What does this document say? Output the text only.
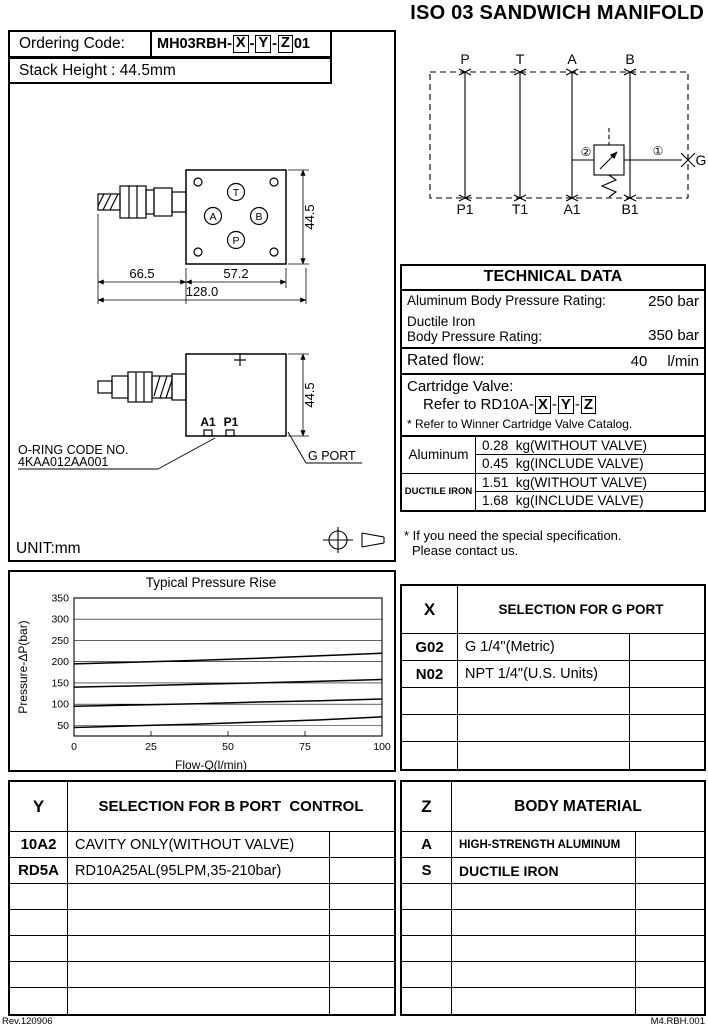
ISO 03 SANDWICH MANIFOLD
T
A	B
P
66.5	57.2
128.0
44.5
A1 P1
O-RING CODE NO.
4KAA012AA001	G PORT
44.5
UNIT:mm
Ordering Code:	MH03RBH- X - Y - Z 01
Stack Height : 44.5mm
P	T	A	B
P1	T1	A1	B1
②	①
G
TECHNICAL DATA
Aluminum Body Pressure Rating:	250 bar
Ductile Iron
Body Pressure Rating:	350 bar
Rated flow:	40 l/min
Cartridge Valve:
Refer to RD10A- X - Y - Z
* Refer to Winner Cartridge Valve Catalog.
Aluminum
0.28  kg(WITHOUT VALVE)
0.45  kg(INCLUDE VALVE)
DUCTILE IRON
1.51  kg(WITHOUT VALVE)
1.68  kg(INCLUDE VALVE)
* If you need the special specification.
Please contact us.
Typical Pressure Rise
Pressure-ΔP(bar)
50
100
150
200
250
300
350
0	25	50	75	100
Flow-Q(l/min)
X	SELECTION FOR G PORT
G02	G 1/4"(Metric)
N02	NPT 1/4"(U.S. Units)
Y	SELECTION FOR B PORT  CONTROL
10A2	CAVITY ONLY(WITHOUT VALVE)
RD5A	RD10A25AL(95LPM,35-210bar)
Z	BODY MATERIAL
A	HIGH-STRENGTH ALUMINUM
S	DUCTILE IRON
Rev.120906	M4.RBH.001
